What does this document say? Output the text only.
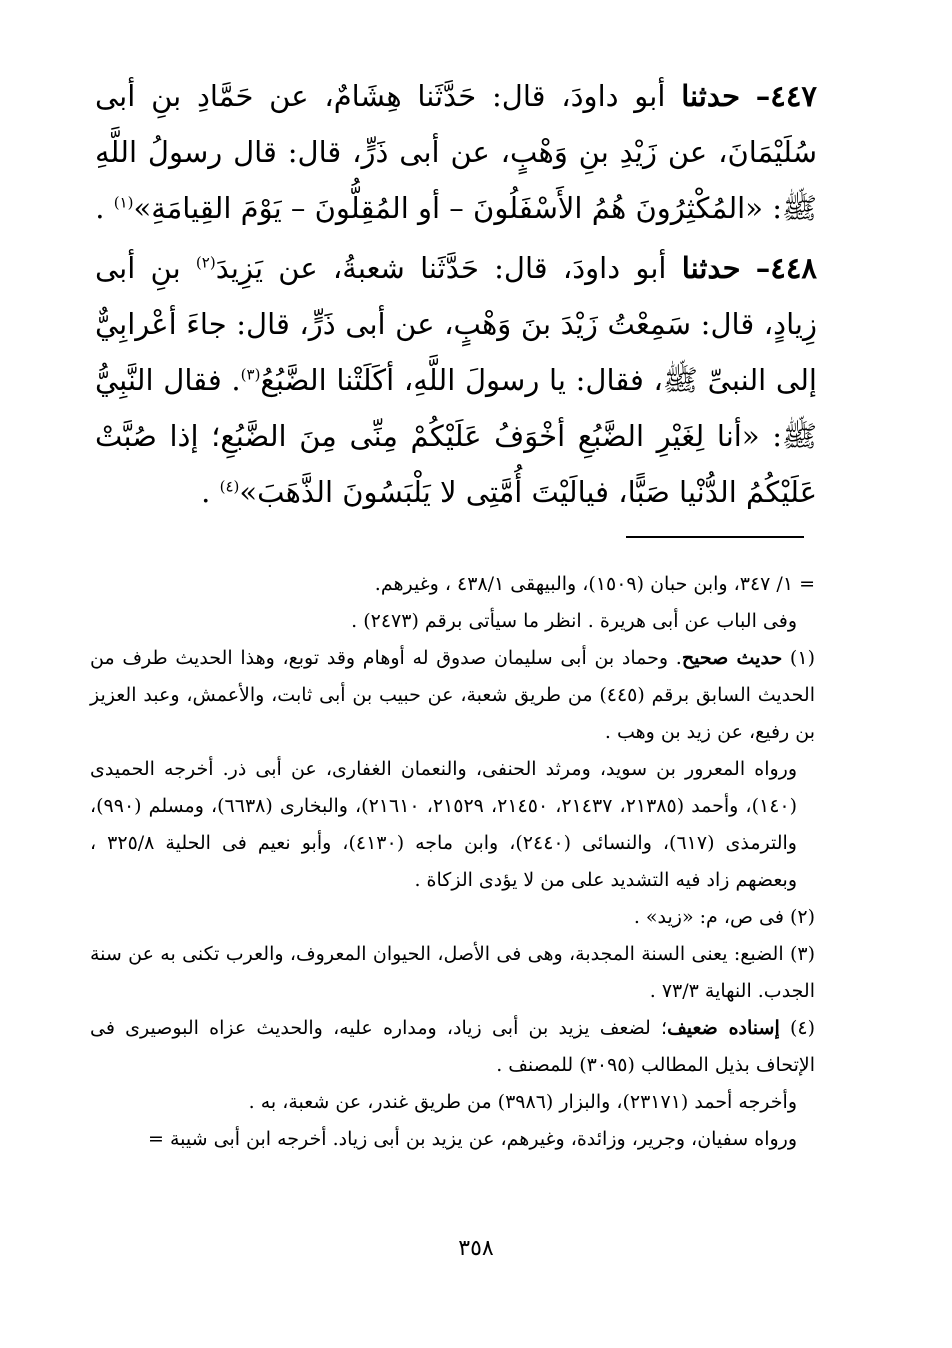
٤٤٧– حدثنا أبو داودَ، قال: حَدَّثَنا هِشَامٌ، عن حَمَّادِ بنِ أبى سُلَيْمَانَ، عن زَيْدِ بنِ وَهْبٍ، عن أبى ذَرٍّ، قال: قال رسولُ اللَّهِ ﷺ: «المُكْثِرُونَ هُمُ الأَسْفَلُونَ – أو المُقِلُّونَ – يَوْمَ القِيامَةِ»$^{(١)}$ .

٤٤٨– حدثنا أبو داودَ، قال: حَدَّثَنا شعبةُ، عن يَزِيدَ$^{(٢)}$ بنِ أبى زِيادٍ، قال: سَمِعْتُ زَيْدَ بنَ وَهْبٍ، عن أبى ذَرٍّ، قال: جاءَ أعْرابِيٌّ إلى النبىِّ ﷺ، فقال: يا رسولَ اللَّهِ، أكَلَتْنا الضَّبُعُ$^{(٣)}$. فقال النَّبِيُّ ﷺ: «أنا لِغَيْرِ الضَّبُعِ أخْوَفُ عَلَيْكُمْ مِنِّى مِنَ الضَّبُعِ؛ إذا صُبَّتْ عَلَيْكُمُ الدُّنْيا صَبًّا، فيالَيْتَ أُمَّتِى لا يَلْبَسُونَ الذَّهَبَ»$^{(٤)}$ .

= ١/ ٣٤٧، وابن حبان (١٥٠٩)، والبيهقى ٤٣٨/١ ، وغيرهم.

وفى الباب عن أبى هريرة . انظر ما سيأتى برقم (٢٤٧٣) .

(١) حديث صحيح. وحماد بن أبى سليمان صدوق له أوهام وقد توبع، وهذا الحديث طرف من الحديث السابق برقم (٤٤٥) من طريق شعبة، عن حبيب بن أبى ثابت، والأعمش، وعبد العزيز بن رفيع، عن زيد بن وهب .

ورواه المعرور بن سويد، ومرثد الحنفى، والنعمان الغفارى، عن أبى ذر. أخرجه الحميدى (١٤٠)، وأحمد (٢١٣٨٥، ٢١٤٣٧، ٢١٤٥٠، ٢١٥٢٩، ٢١٦١٠)، والبخارى (٦٦٣٨)، ومسلم (٩٩٠)، والترمذى (٦١٧)، والنسائى (٢٤٤٠)، وابن ماجه (٤١٣٠)، وأبو نعيم فى الحلية ٣٢٥/٨ ، وبعضهم زاد فيه التشديد على من لا يؤدى الزكاة .

(٢) فى ص، م: «زيد» .

(٣) الضبع: يعنى السنة المجدبة، وهى فى الأصل، الحيوان المعروف، والعرب تكنى به عن سنة الجدب. النهاية ٧٣/٣ .

(٤) إسناده ضعيف؛ لضعف يزيد بن أبى زياد، ومداره عليه، والحديث عزاه البوصيرى فى الإتحاف بذيل المطالب (٣٠٩٥) للمصنف .

وأخرجه أحمد (٢٣١٧١)، والبزار (٣٩٨٦) من طريق غندر، عن شعبة، به .

ورواه سفيان، وجرير، وزائدة، وغيرهم، عن يزيد بن أبى زياد. أخرجه ابن أبى شيبة =

٣٥٨
